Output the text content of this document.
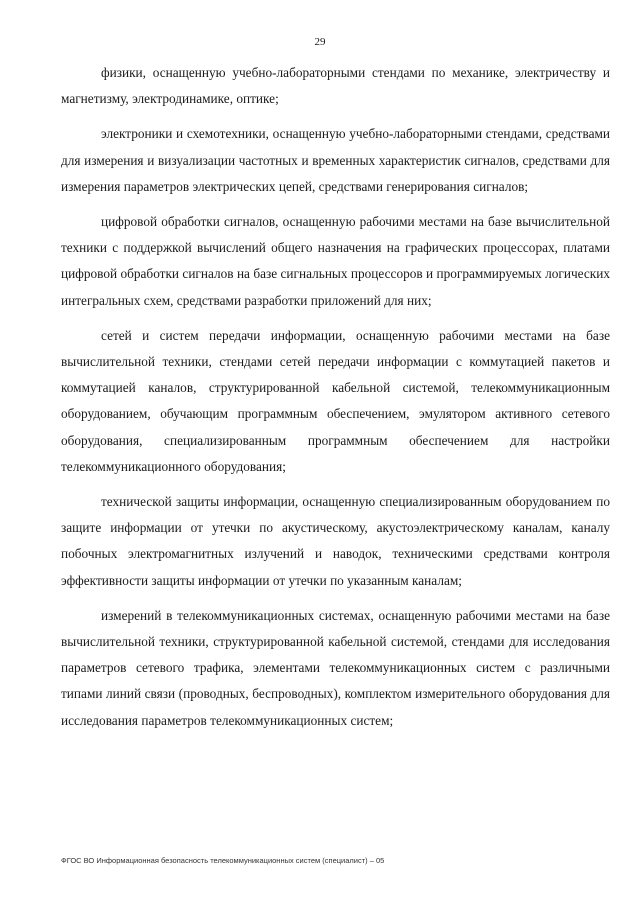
29

физики, оснащенную учебно-лабораторными стендами по механике, электричеству и магнетизму, электродинамике, оптике;

электроники и схемотехники, оснащенную учебно-лабораторными стендами, средствами для измерения и визуализации частотных и временных характеристик сигналов, средствами для измерения параметров электрических цепей, средствами генерирования сигналов;

цифровой обработки сигналов, оснащенную рабочими местами на базе вычислительной техники с поддержкой вычислений общего назначения на графических процессорах, платами цифровой обработки сигналов на базе сигнальных процессоров и программируемых логических интегральных схем, средствами разработки приложений для них;

сетей и систем передачи информации, оснащенную рабочими местами на базе вычислительной техники, стендами сетей передачи информации с коммутацией пакетов и коммутацией каналов, структурированной кабельной системой, телекоммуникационным оборудованием, обучающим программным обеспечением, эмулятором активного сетевого оборудования, специализированным программным обеспечением для настройки телекоммуникационного оборудования;

технической защиты информации, оснащенную специализированным оборудованием по защите информации от утечки по акустическому, акустоэлектрическому каналам, каналу побочных электромагнитных излучений и наводок, техническими средствами контроля эффективности защиты информации от утечки по указанным каналам;

измерений в телекоммуникационных системах, оснащенную рабочими местами на базе вычислительной техники, структурированной кабельной системой, стендами для исследования параметров сетевого трафика, элементами телекоммуникационных систем с различными типами линий связи (проводных, беспроводных), комплектом измерительного оборудования для исследования параметров телекоммуникационных систем;

ФГОС ВО Информационная безопасность телекоммуникационных систем (специалист) – 05
